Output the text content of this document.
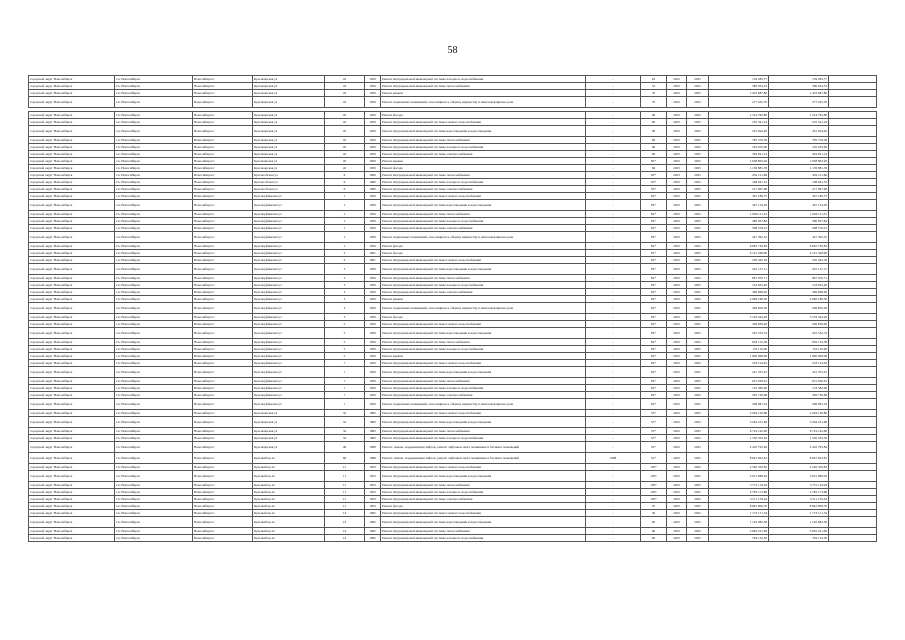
58
городской округ Новосибирск	г.п. Новосибирск	Новосибирск г	Красноярская ул	43	1956	Ремонт внутридомовой инженерной системы холодного водоснабжения	-	63	2023	2025	159 283,77	159 283,77	
городской округ Новосибирск	г.п. Новосибирск	Новосибирск г	Красноярская ул	43	1956	Ремонт внутридомовой инженерной системы теплоснабжения	-	53	2023	2025	580 054,53	580 054,53	
городской округ Новосибирск	г.п. Новосибирск	Новосибирск г	Красноярская ул	43	1956	Ремонт крыши	-	70	2023	2025	1 433 687,86	1 433 687,86	
городской округ Новосибирск	г.п. Новосибирск	Новосибирск г	Красноярская ул	43	1956	Ремонт подвальных помещений, относящихся к общему имуществу в многоквартирном доме	-	76	2023	2025	277 435,76	277 435,76	

городской округ Новосибирск	г.п. Новосибирск	Новосибирск г	Красноярская ул	45	1956	Ремонт фасада	-	69	2023	2025	1 314 762,80	1 314 762,80	
городской округ Новосибирск	г.п. Новосибирск	Новосибирск г	Красноярская ул	45	1956	Ремонт внутридомовой инженерной системы горячего водоснабжения	-	60	2023	2025	235 341,24	235 341,24	
городской округ Новосибирск	г.п. Новосибирск	Новосибирск г	Красноярская ул	45	1956	Ремонт внутридомовой инженерной системы водоотведения и водоотведения	-	69	2023	2025	261 924,26	261 924,26	
городской округ Новосибирск	г.п. Новосибирск	Новосибирск г	Красноярская ул	45	1956	Ремонт внутридомовой инженерной системы теплоснабжения	-	69	2023	2025	785 579,39	785 579,39	
городской округ Новосибирск	г.п. Новосибирск	Новосибирск г	Красноярская ул	45	1956	Ремонт внутридомовой инженерной системы холодного водоснабжения	-	66	2023	2025	165 635,96	165 635,96	
городской округ Новосибирск	г.п. Новосибирск	Новосибирск г	Красноярская ул	45	1956	Ремонт внутридомовой инженерной системы электроснабжения	-	69	2023	2025	394 921,14	394 921,14	
городской округ Новосибирск	г.п. Новосибирск	Новосибирск г	Красноярская ул	45	1956	Ремонт крыши	-	85*	2023	2025	1 658 803,26	1 658 803,26	
городской округ Новосибирск	г.п. Новосибирск	Новосибирск г	Красноярская ул	45	1956	Ремонт фасада	-	69	2023	2025	1 159 881,76	1 159 881,76	
городской округ Новосибирск	г.п. Новосибирск	Новосибирск г	Краснообская ул	6	1960	Ремонт внутридомовой инженерной системы теплоснабжения	-	83*	2023	2025	459 121,66	459 121,66	
городской округ Новосибирск	г.п. Новосибирск	Новосибирск г	Краснообская ул	6	1960	Ремонт внутридомовой инженерной системы холодного водоснабжения	-	93*	2023	2025	108 941,32	108 941,32	
городской округ Новосибирск	г.п. Новосибирск	Новосибирск г	Краснообская ул	6	1960	Ремонт внутридомовой инженерной системы электроснабжения	-	93*	2023	2025	217 967,68	217 967,68	
городской округ Новосибирск	г.п. Новосибирск	Новосибирск г	Красноуфимская ул	1	1956	Ремонт внутридомовой инженерной системы горячего водоснабжения	-	84*	2023	2025	367 186,75	367 186,75	
городской округ Новосибирск	г.п. Новосибирск	Новосибирск г	Красноуфимская ул	1	1956	Ремонт внутридомовой инженерной системы водоотведения и водоотведения	-	84*	2023	2025	367 134,29	367 134,29	
городской округ Новосибирск	г.п. Новосибирск	Новосибирск г	Красноуфимская ул	1	1956	Ремонт внутридомовой инженерной системы теплоснабжения	-	84*	2023	2025	1 096 111,01	1 096 111,01	
городской округ Новосибирск	г.п. Новосибирск	Новосибирск г	Красноуфимская ул	1	1956	Ремонт внутридомовой инженерной системы холодного водоснабжения	-	84*	2023	2025	280 837,84	280 837,84	
городской округ Новосибирск	г.п. Новосибирск	Новосибирск г	Красноуфимская ул	1	1956	Ремонт внутридомовой инженерной системы электроснабжения	-	84*	2023	2025	598 576,01	598 576,01	
городской округ Новосибирск	г.п. Новосибирск	Новосибирск г	Красноуфимская ул	1	1956	Ремонт подвальных помещений, относящихся к общему имуществу в многоквартирном доме	-	84*	2023	2025	427 392,52	427 392,52	
городской округ Новосибирск	г.п. Новосибирск	Новосибирск г	Красноуфимская ул	1	1956	Ремонт фасада	-	84*	2023	2025	6 665 730,82	6 665 730,82	
городской округ Новосибирск	г.п. Новосибирск	Новосибирск г	Красноуфимская ул	2	1961	Ремонт фасада	-	81*	2023	2025	4 121 348,90	4 121 348,90	
городской округ Новосибирск	г.п. Новосибирск	Новосибирск г	Красноуфимская ул	2	1961	Ремонт внутридомовой инженерной системы горячего водоснабжения	-	84*	2023	2025	250 442,59	250 442,59	
городской округ Новосибирск	г.п. Новосибирск	Новосибирск г	Красноуфимская ул	3	1956	Ремонт внутридомовой инженерной системы водоотведения и водоотведения	-	84*	2023	2025	245 137,51	245 137,51	
городской округ Новосибирск	г.п. Новосибирск	Новосибирск г	Красноуфимская ул	3	1956	Ремонт внутридомовой инженерной системы теплоснабжения	-	84*	2023	2025	867 970,71	867 970,71	
городской округ Новосибирск	г.п. Новосибирск	Новосибирск г	Красноуфимская ул	3	1956	Ремонт внутридомовой инженерной системы холодного водоснабжения	-	84*	2023	2025	154 832,46	154 832,46	
городской округ Новосибирск	г.п. Новосибирск	Новосибирск г	Красноуфимская ул	3	1956	Ремонт внутридомовой инженерной системы электроснабжения	-	84*	2023	2025	369 698,40	369 698,40	
городской округ Новосибирск	г.п. Новосибирск	Новосибирск г	Красноуфимская ул	3	1956	Ремонт крыши	-	84*	2023	2025	2 066 186,30	2 066 186,30	
городской округ Новосибирск	г.п. Новосибирск	Новосибирск г	Красноуфимская ул	3	1956	Ремонт подвальных помещений, относящихся к общему имуществу в многоквартирном доме	-	84*	2023	2025	269 859,56	269 859,56	
городской округ Новосибирск	г.п. Новосибирск	Новосибирск г	Красноуфимская ул	3	1956	Ремонт фасада	-	84*	2023	2025	5 103 444,26	5 103 444,26	
городской округ Новосибирск	г.п. Новосибирск	Новосибирск г	Красноуфимская ул	5	1956	Ремонт внутридомовой инженерной системы горячего водоснабжения	-	84*	2023	2025	209 839,46	209 839,46	
городской округ Новосибирск	г.п. Новосибирск	Новосибирск г	Красноуфимская ул	5	1956	Ремонт внутридомовой инженерной системы водоотведения и водоотведения	-	84*	2023	2025	245 532,74	245 532,74	
городской округ Новосибирск	г.п. Новосибирск	Новосибирск г	Красноуфимская ул	5	1956	Ремонт внутридомовой инженерной системы теплоснабжения	-	84*	2023	2025	659 152,38	659 152,38	
городской округ Новосибирск	г.п. Новосибирск	Новосибирск г	Красноуфимская ул	5	1956	Ремонт внутридомовой инженерной системы холодного водоснабжения	-	84*	2023	2025	153 110,90	153 110,90	
городской округ Новосибирск	г.п. Новосибирск	Новосибирск г	Красноуфимская ул	5	1956	Ремонт крыши	-	84*	2023	2025	1 600 098,09	1 600 098,09	
городской округ Новосибирск	г.п. Новосибирск	Новосибирск г	Красноуфимская ул	7	1956	Ремонт внутридомовой инженерной системы горячего водоснабжения	-	84*	2023	2025	218 124,92	218 124,92	
городской округ Новосибирск	г.п. Новосибирск	Новосибирск г	Красноуфимская ул	7	1956	Ремонт внутридомовой инженерной системы водоотведения и водоотведения	-	84*	2023	2025	241 355,61	241 355,61	
городской округ Новосибирск	г.п. Новосибирск	Новосибирск г	Красноуфимская ул	7	1956	Ремонт внутридомовой инженерной системы теплоснабжения	-	84*	2023	2025	651 030,61	651 030,61	
городской округ Новосибирск	г.п. Новосибирск	Новосибирск г	Красноуфимская ул	7	1956	Ремонт внутридомовой инженерной системы холодного водоснабжения	-	84*	2023	2025	153 382,90	153 382,90	
городской округ Новосибирск	г.п. Новосибирск	Новосибирск г	Красноуфимская ул	7	1956	Ремонт внутридомовой инженерной системы электроснабжения	-	84*	2023	2025	365 736,68	365 736,68	
городской округ Новосибирск	г.п. Новосибирск	Новосибирск г	Красноуфимская ул	7	1956	Ремонт подвальных помещений, относящихся к общему имуществу в многоквартирном доме	-	84*	2023	2025	266 981,54	266 981,54	
городской округ Новосибирск	г.п. Новосибирск	Новосибирск г	Красноярская ул	32	1983	Ремонт внутридомовой инженерной системы горячего водоснабжения	-	53*	2023	2025	2 294 120,86	2 294 120,86	
городской округ Новосибирск	г.п. Новосибирск	Новосибирск г	Красноярская ул	32	1983	Ремонт внутридомовой инженерной системы водоотведения и водоотведения	-	53*	2023	2025	3 264 231,66	3 264 231,66	
городской округ Новосибирск	г.п. Новосибирск	Новосибирск г	Красноярская ул	32	1983	Ремонт внутридомовой инженерной системы теплоснабжения	-	53*	2023	2025	6 724 142,90	6 724 142,90	
городской округ Новосибирск	г.п. Новосибирск	Новосибирск г	Красноярская ул	32	1983	Ремонт внутридомовой инженерной системы холодного водоснабжения	-	53*	2023	2025	1 530 503,56	1 530 503,56	
городской округ Новосибирск	г.п. Новосибирск	Новосибирск г	Красноярская ул	49	1998	Ремонт, замена, модернизация лифтов, ремонт лифтовых шахт, машинных и блочных помещений	-	52*	2023	2025	2 410 795,84	2 410 795,84	
городской округ Новосибирск	г.п. Новосибирск	Новосибирск г	Красный пр-кт	60	1998	Ремонт, замена, модернизация лифтов, ремонт лифтовых шахт, машинных и блочных помещений	1998	52*	2023	2025	8 061 822,81	8 061 822,81	
городской округ Новосибирск	г.п. Новосибирск	Новосибирск г	Красный пр-кт	11	1953	Ремонт внутридомовой инженерной системы горячего водоснабжения	-	103*	2023	2025	2 540 350,82	2 540 350,82	
городской округ Новосибирск	г.п. Новосибирск	Новосибирск г	Красный пр-кт	11	1953	Ремонт внутридомовой инженерной системы водоотведения и водоотведения	-	103*	2023	2025	3 031 686,04	3 031 686,04	
городской округ Новосибирск	г.п. Новосибирск	Новосибирск г	Красный пр-кт	11	1953	Ремонт внутридомовой инженерной системы теплоснабжения	-	103*	2023	2025	5 751 119,04	5 751 119,04	
городской округ Новосибирск	г.п. Новосибирск	Новосибирск г	Красный пр-кт	11	1953	Ремонт внутридомовой инженерной системы холодного водоснабжения	-	103*	2023	2025	2 782 173,80	2 782 173,80	
городской округ Новосибирск	г.п. Новосибирск	Новосибирск г	Красный пр-кт	11	1953	Ремонт внутридомовой инженерной системы электроснабжения	-	103*	2023	2025	3 511 159,44	3 511 159,44	
городской округ Новосибирск	г.п. Новосибирск	Новосибирск г	Красный пр-кт	11	1953	Ремонт фасада	-	70	2023	2025	8 842 809,70	8 842 809,70	
городской округ Новосибирск	г.п. Новосибирск	Новосибирск г	Красный пр-кт	14	1962	Ремонт внутридомовой инженерной системы горячего водоснабжения	-	56	2023	2025	1 173 171,34	1 173 171,34	
городской округ Новосибирск	г.п. Новосибирск	Новосибирск г	Красный пр-кт	14	1962	Ремонт внутридомовой инженерной системы водоотведения и водоотведения	-	60	2023	2025	1 120 682,38	1 120 682,38	
городской округ Новосибирск	г.п. Новосибирск	Новосибирск г	Красный пр-кт	14	1962	Ремонт внутридомовой инженерной системы теплоснабжения	-	60	2023	2025	3 692 221,96	3 692 221,96	
городской округ Новосибирск	г.п. Новосибирск	Новосибирск г	Красный пр-кт	14	1962	Ремонт внутридомовой инженерной системы холодного водоснабжения	-	60	2023	2025	784 133,50	784 133,50	
